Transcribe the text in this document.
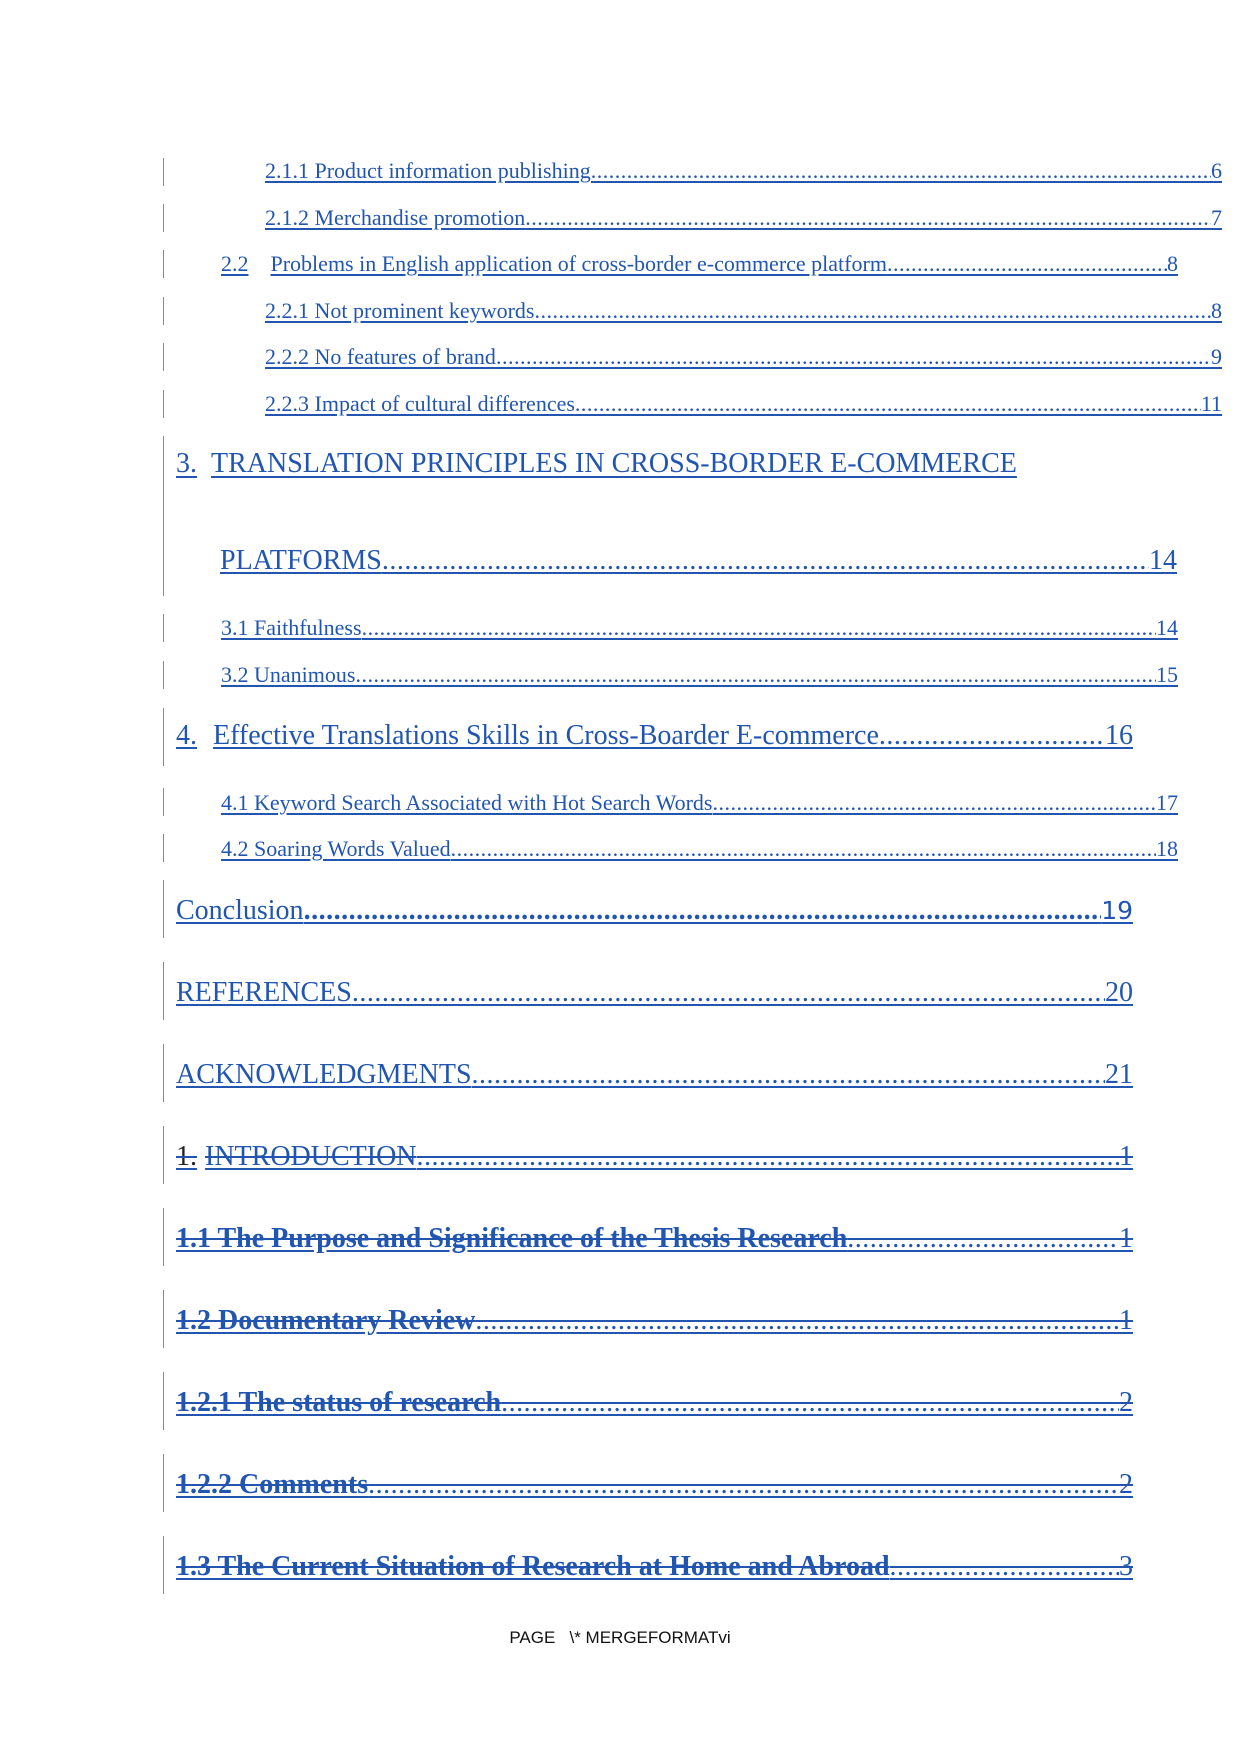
2.1.1 Product information publishing .....	6
2.1.2 Merchandise promotion .....	7
2.2 Problems in English application of cross-border e-commerce platform .....	8
2.2.1 Not prominent keywords .....	8
2.2.2 No features of brand .....	9
2.2.3 Impact of cultural differences .....	11
3. TRANSLATION PRINCIPLES IN CROSS-BORDER E-COMMERCE
PLATFORMS .....	14
3.1 Faithfulness .....	14
3.2 Unanimous .....	15
4. Effective Translations Skills in Cross-Boarder E-commerce .....	16
4.1 Keyword Search Associated with Hot Search Words .....	17
4.2 Soaring Words Valued .....	18
Conclusion .....	19
REFERENCES .....	20
ACKNOWLEDGMENTS .....	21
1. INTRODUCTION .....	1
1.1 The Purpose and Significance of the Thesis Research .....	1
1.2 Documentary Review .....	1
1.2.1 The status of research .....	2
1.2.2 Comments .....	2
1.3 The Current Situation of Research at Home and Abroad .....	3
PAGE   \* MERGEFORMATvi
